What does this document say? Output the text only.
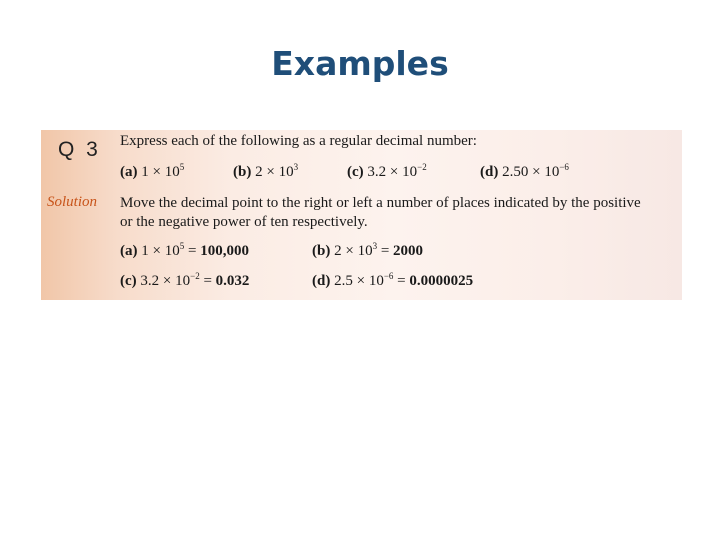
Examples
Q 3 Express each of the following as a regular decimal number:
(a) $1 \times 10^5$	(b) $2 \times 10^3$	(c) $3.2 \times 10^{-2}$	(d) $2.50 \times 10^{-6}$
Solution Move the decimal point to the right or left a number of places indicated by the positive
or the negative power of ten respectively.
(a) $1 \times 10^5 = 100,000$	(b) $2 \times 10^3 = 2000$
(c) $3.2 \times 10^{-2} = 0.032$	(d) $2.5 \times 10^{-6} = 0.0000025$
